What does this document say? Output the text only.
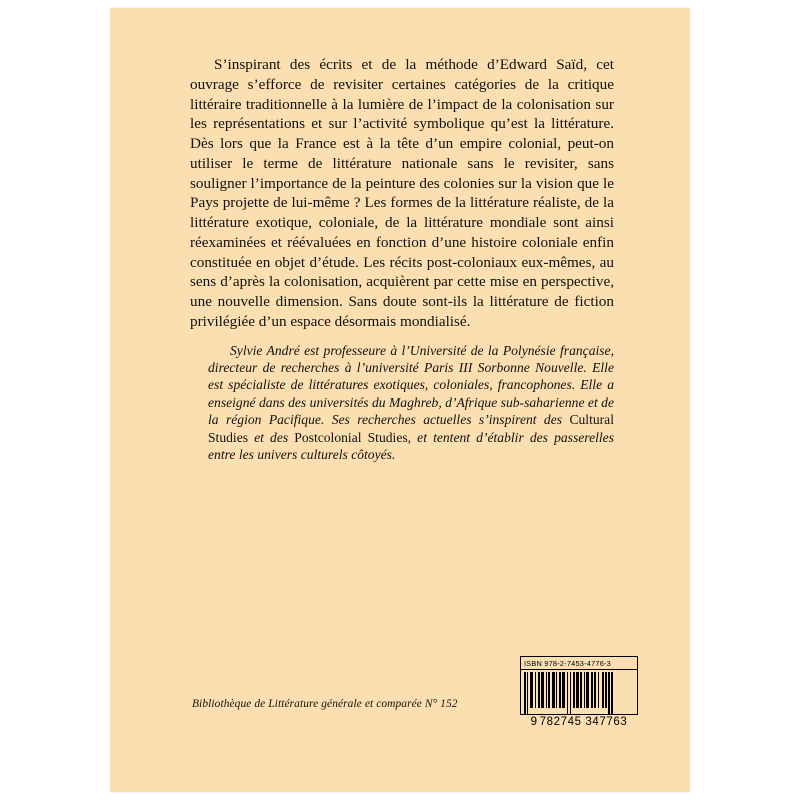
S’inspirant des écrits et de la méthode d’Edward Saïd, cet ouvrage s’efforce de revisiter certaines catégories de la critique littéraire traditionnelle à la lumière de l’impact de la colonisation sur les représentations et sur l’activité symbolique qu’est la littérature. Dès lors que la France est à la tête d’un empire colonial, peut-on utiliser le terme de littérature nationale sans le revisiter, sans souligner l’importance de la peinture des colonies sur la vision que le Pays projette de lui-même ? Les formes de la littérature réaliste, de la littérature exotique, coloniale, de la littérature mondiale sont ainsi réexaminées et réévaluées en fonction d’une histoire coloniale enfin constituée en objet d’étude. Les récits post-coloniaux eux-mêmes, au sens d’après la colonisation, acquièrent par cette mise en perspective, une nouvelle dimension. Sans doute sont-ils la littérature de fiction privilégiée d’un espace désormais mondialisé.

Sylvie André est professeure à l’Université de la Polynésie française, directeur de recherches à l’université Paris III Sorbonne Nouvelle. Elle est spécialiste de littératures exotiques, coloniales, francophones. Elle a enseigné dans des universités du Maghreb, d’Afrique sub-saharienne et de la région Pacifique. Ses recherches actuelles s’inspirent des Cultural Studies et des Postcolonial Studies, et tentent d’établir des passerelles entre les univers culturels côtoyés.

Bibliothèque de Littérature générale et comparée N° 152
ISBN 978-2-7453-4776-3
9 782745 347763
